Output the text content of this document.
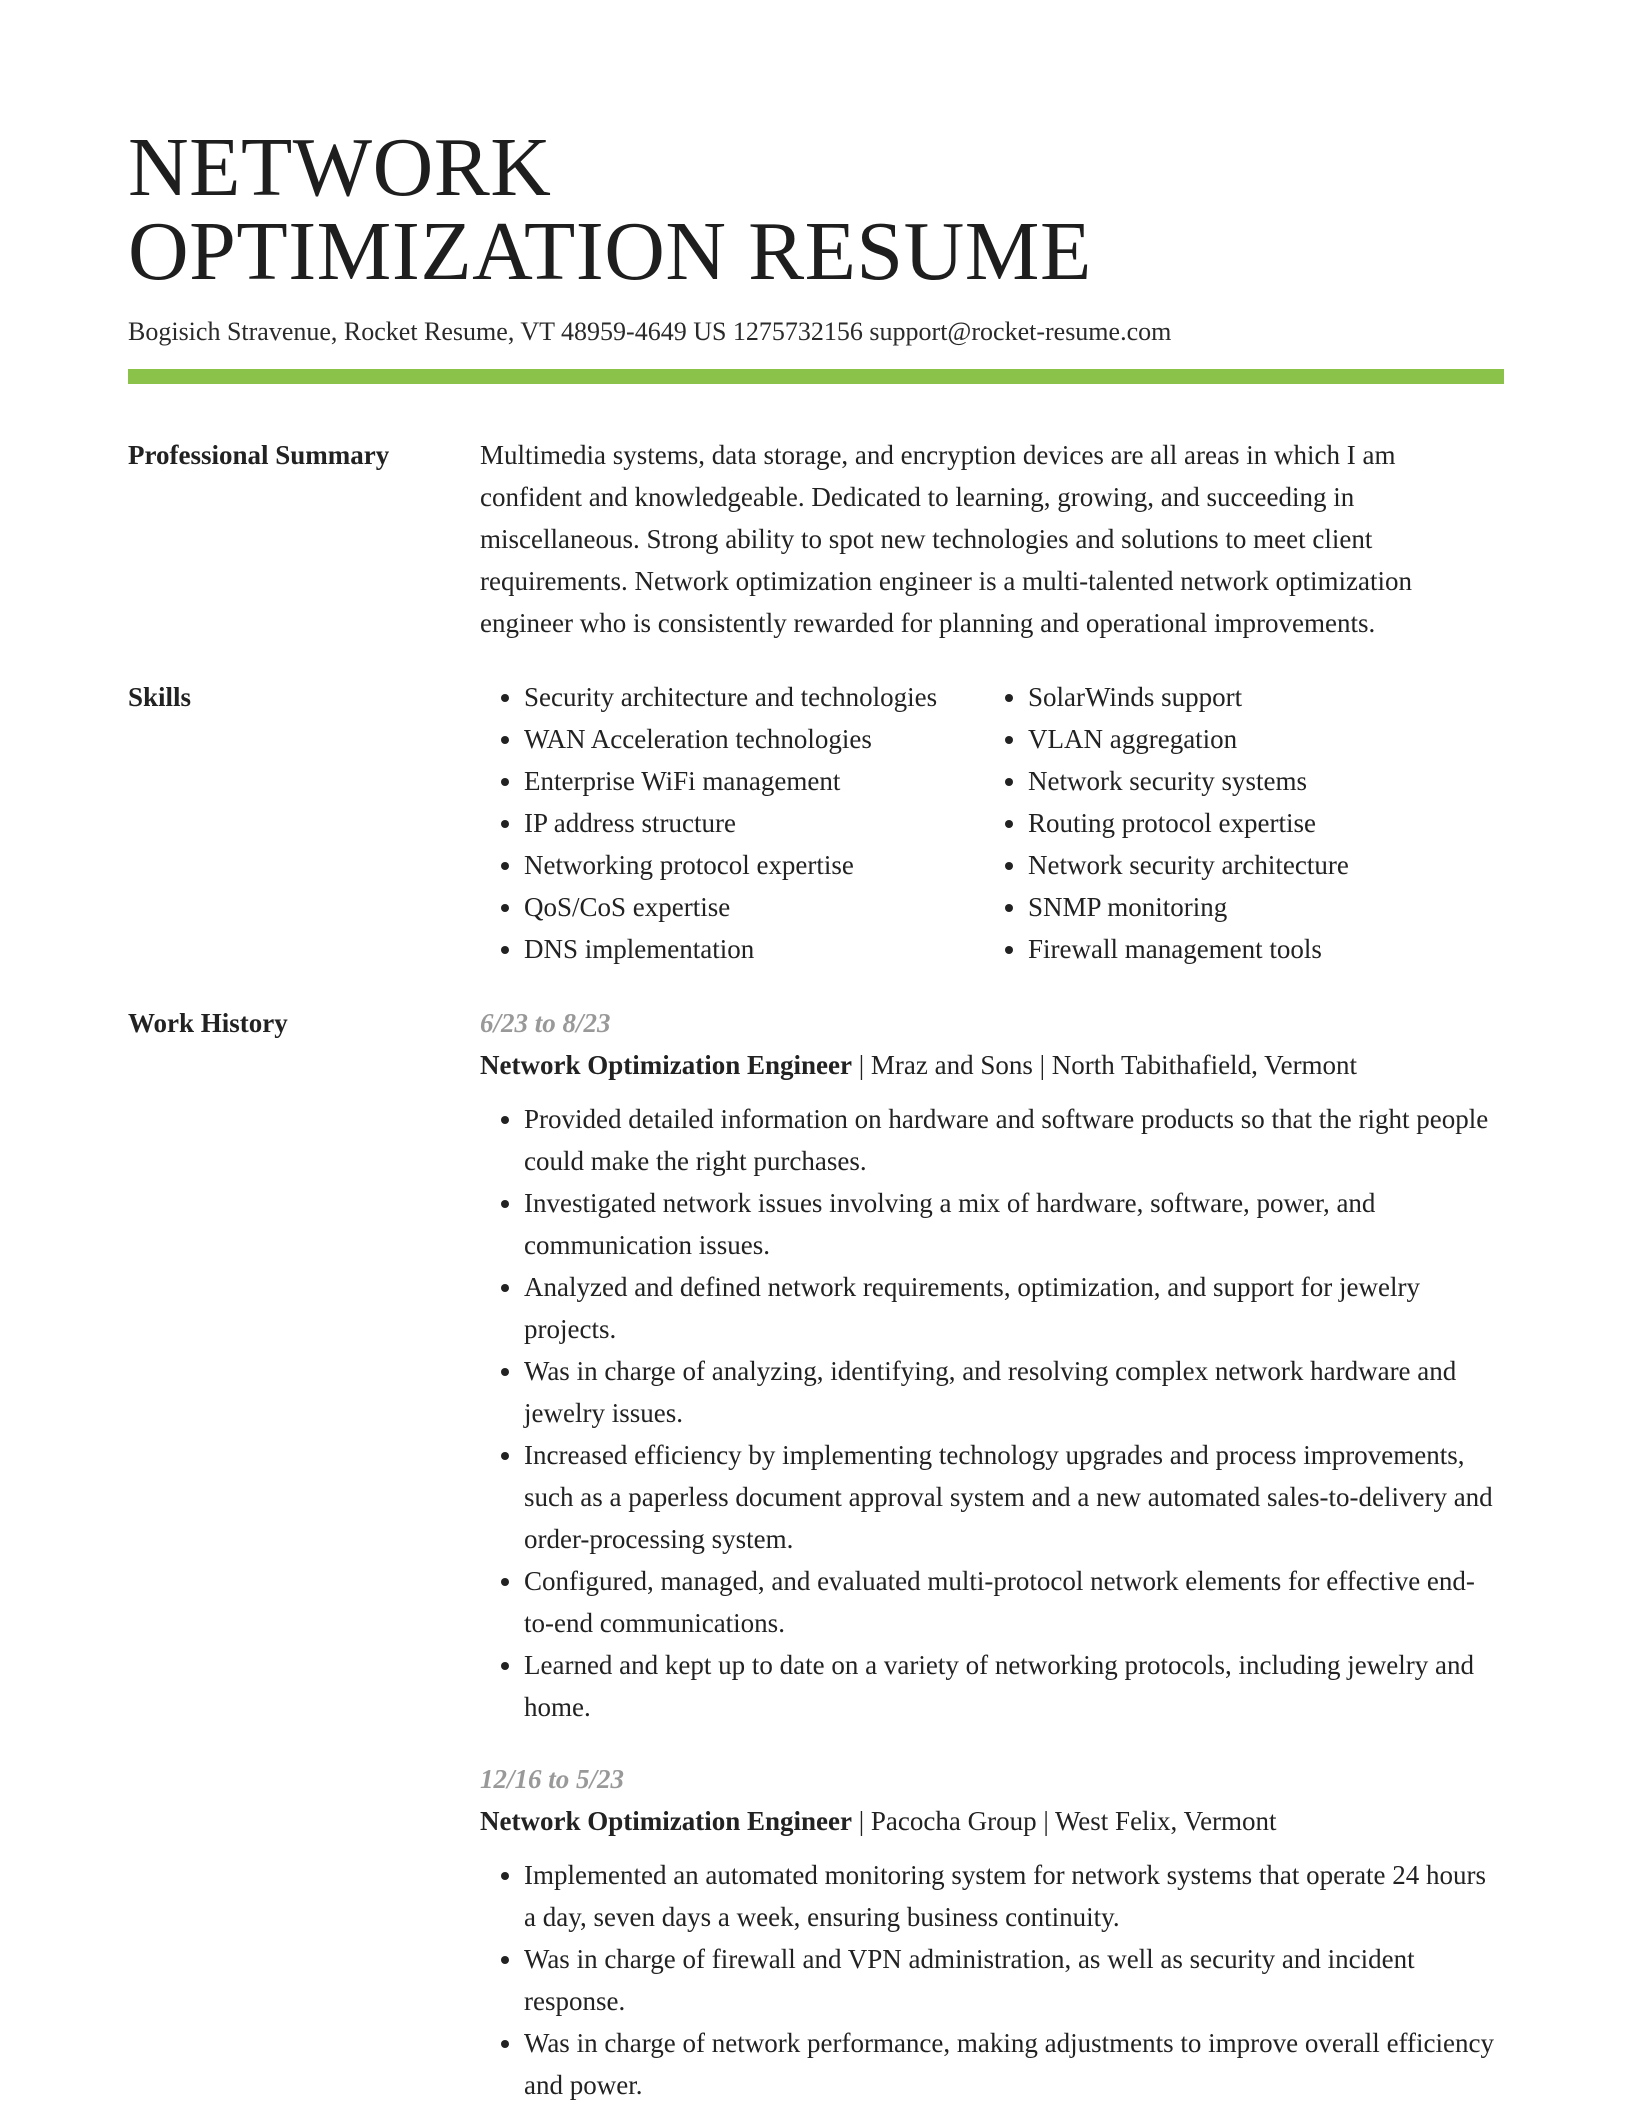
NETWORK
OPTIMIZATION RESUME
Bogisich Stravenue, Rocket Resume, VT 48959-4649 US 1275732156 support@rocket-resume.com
Professional Summary	Multimedia systems, data storage, and encryption devices are all areas in which I am confident and knowledgeable. Dedicated to learning, growing, and succeeding in miscellaneous. Strong ability to spot new technologies and solutions to meet client requirements. Network optimization engineer is a multi-talented network optimization engineer who is consistently rewarded for planning and operational improvements.
Skills
•	Security architecture and technologies
• WAN Acceleration technologies
• Enterprise WiFi management
• IP address structure
• Networking protocol expertise
• QoS/CoS expertise
• DNS implementation
• SolarWinds support
• VLAN aggregation
• Network security systems
• Routing protocol expertise
• Network security architecture
• SNMP monitoring
• Firewall management tools
Work History	6/23 to 8/23
Network Optimization Engineer | Mraz and Sons | North Tabithafield, Vermont
• Provided detailed information on hardware and software products so that the right people could make the right purchases.
• Investigated network issues involving a mix of hardware, software, power, and communication issues.
• Analyzed and defined network requirements, optimization, and support for jewelry projects.
• Was in charge of analyzing, identifying, and resolving complex network hardware and jewelry issues.
• Increased efficiency by implementing technology upgrades and process improvements, such as a paperless document approval system and a new automated sales-to-delivery and order-processing system.
• Configured, managed, and evaluated multi-protocol network elements for effective end-to-end communications.
• Learned and kept up to date on a variety of networking protocols, including jewelry and home.
12/16 to 5/23
Network Optimization Engineer | Pacocha Group | West Felix, Vermont
• Implemented an automated monitoring system for network systems that operate 24 hours a day, seven days a week, ensuring business continuity.
• Was in charge of firewall and VPN administration, as well as security and incident response.
• Was in charge of network performance, making adjustments to improve overall efficiency and power.
